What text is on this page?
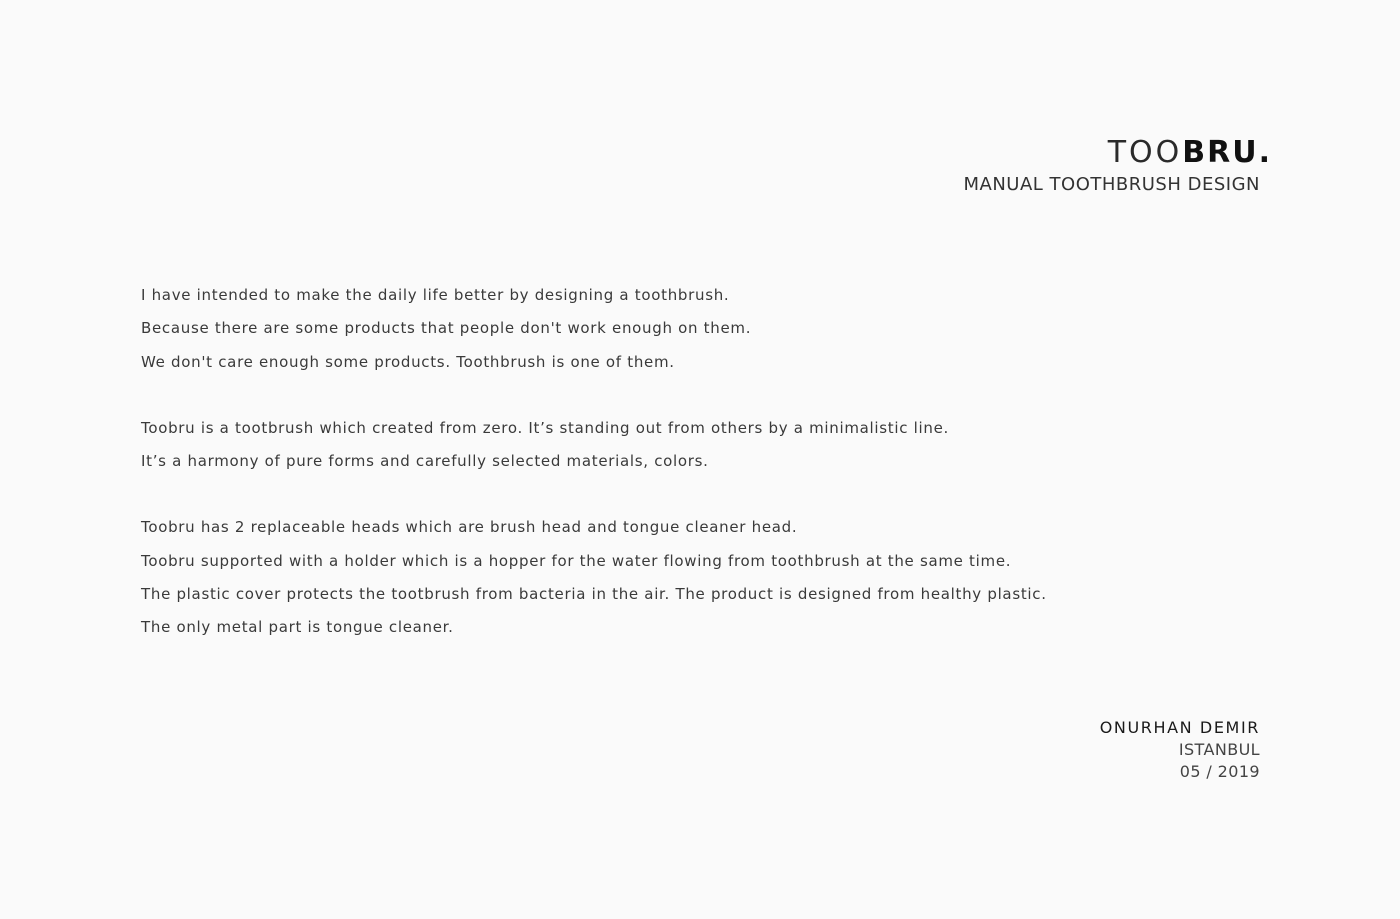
TOOBRU.
MANUAL TOOTHBRUSH DESIGN
I have intended to make the daily life better by designing a toothbrush.
Because there are some products that people don't work enough on them.
We don't care enough some products. Toothbrush is one of them.
Toobru is a tootbrush which created from zero. It’s standing out from others by a minimalistic line.
It’s a harmony of pure forms and carefully selected materials, colors.
Toobru has 2 replaceable heads which are brush head and tongue cleaner head.
Toobru supported with a holder which is a hopper for the water flowing from toothbrush at the same time.
The plastic cover protects the tootbrush from bacteria in the air. The product is designed from healthy plastic.
The only metal part is tongue cleaner.
ONURHAN DEMIR
ISTANBUL
05 / 2019
